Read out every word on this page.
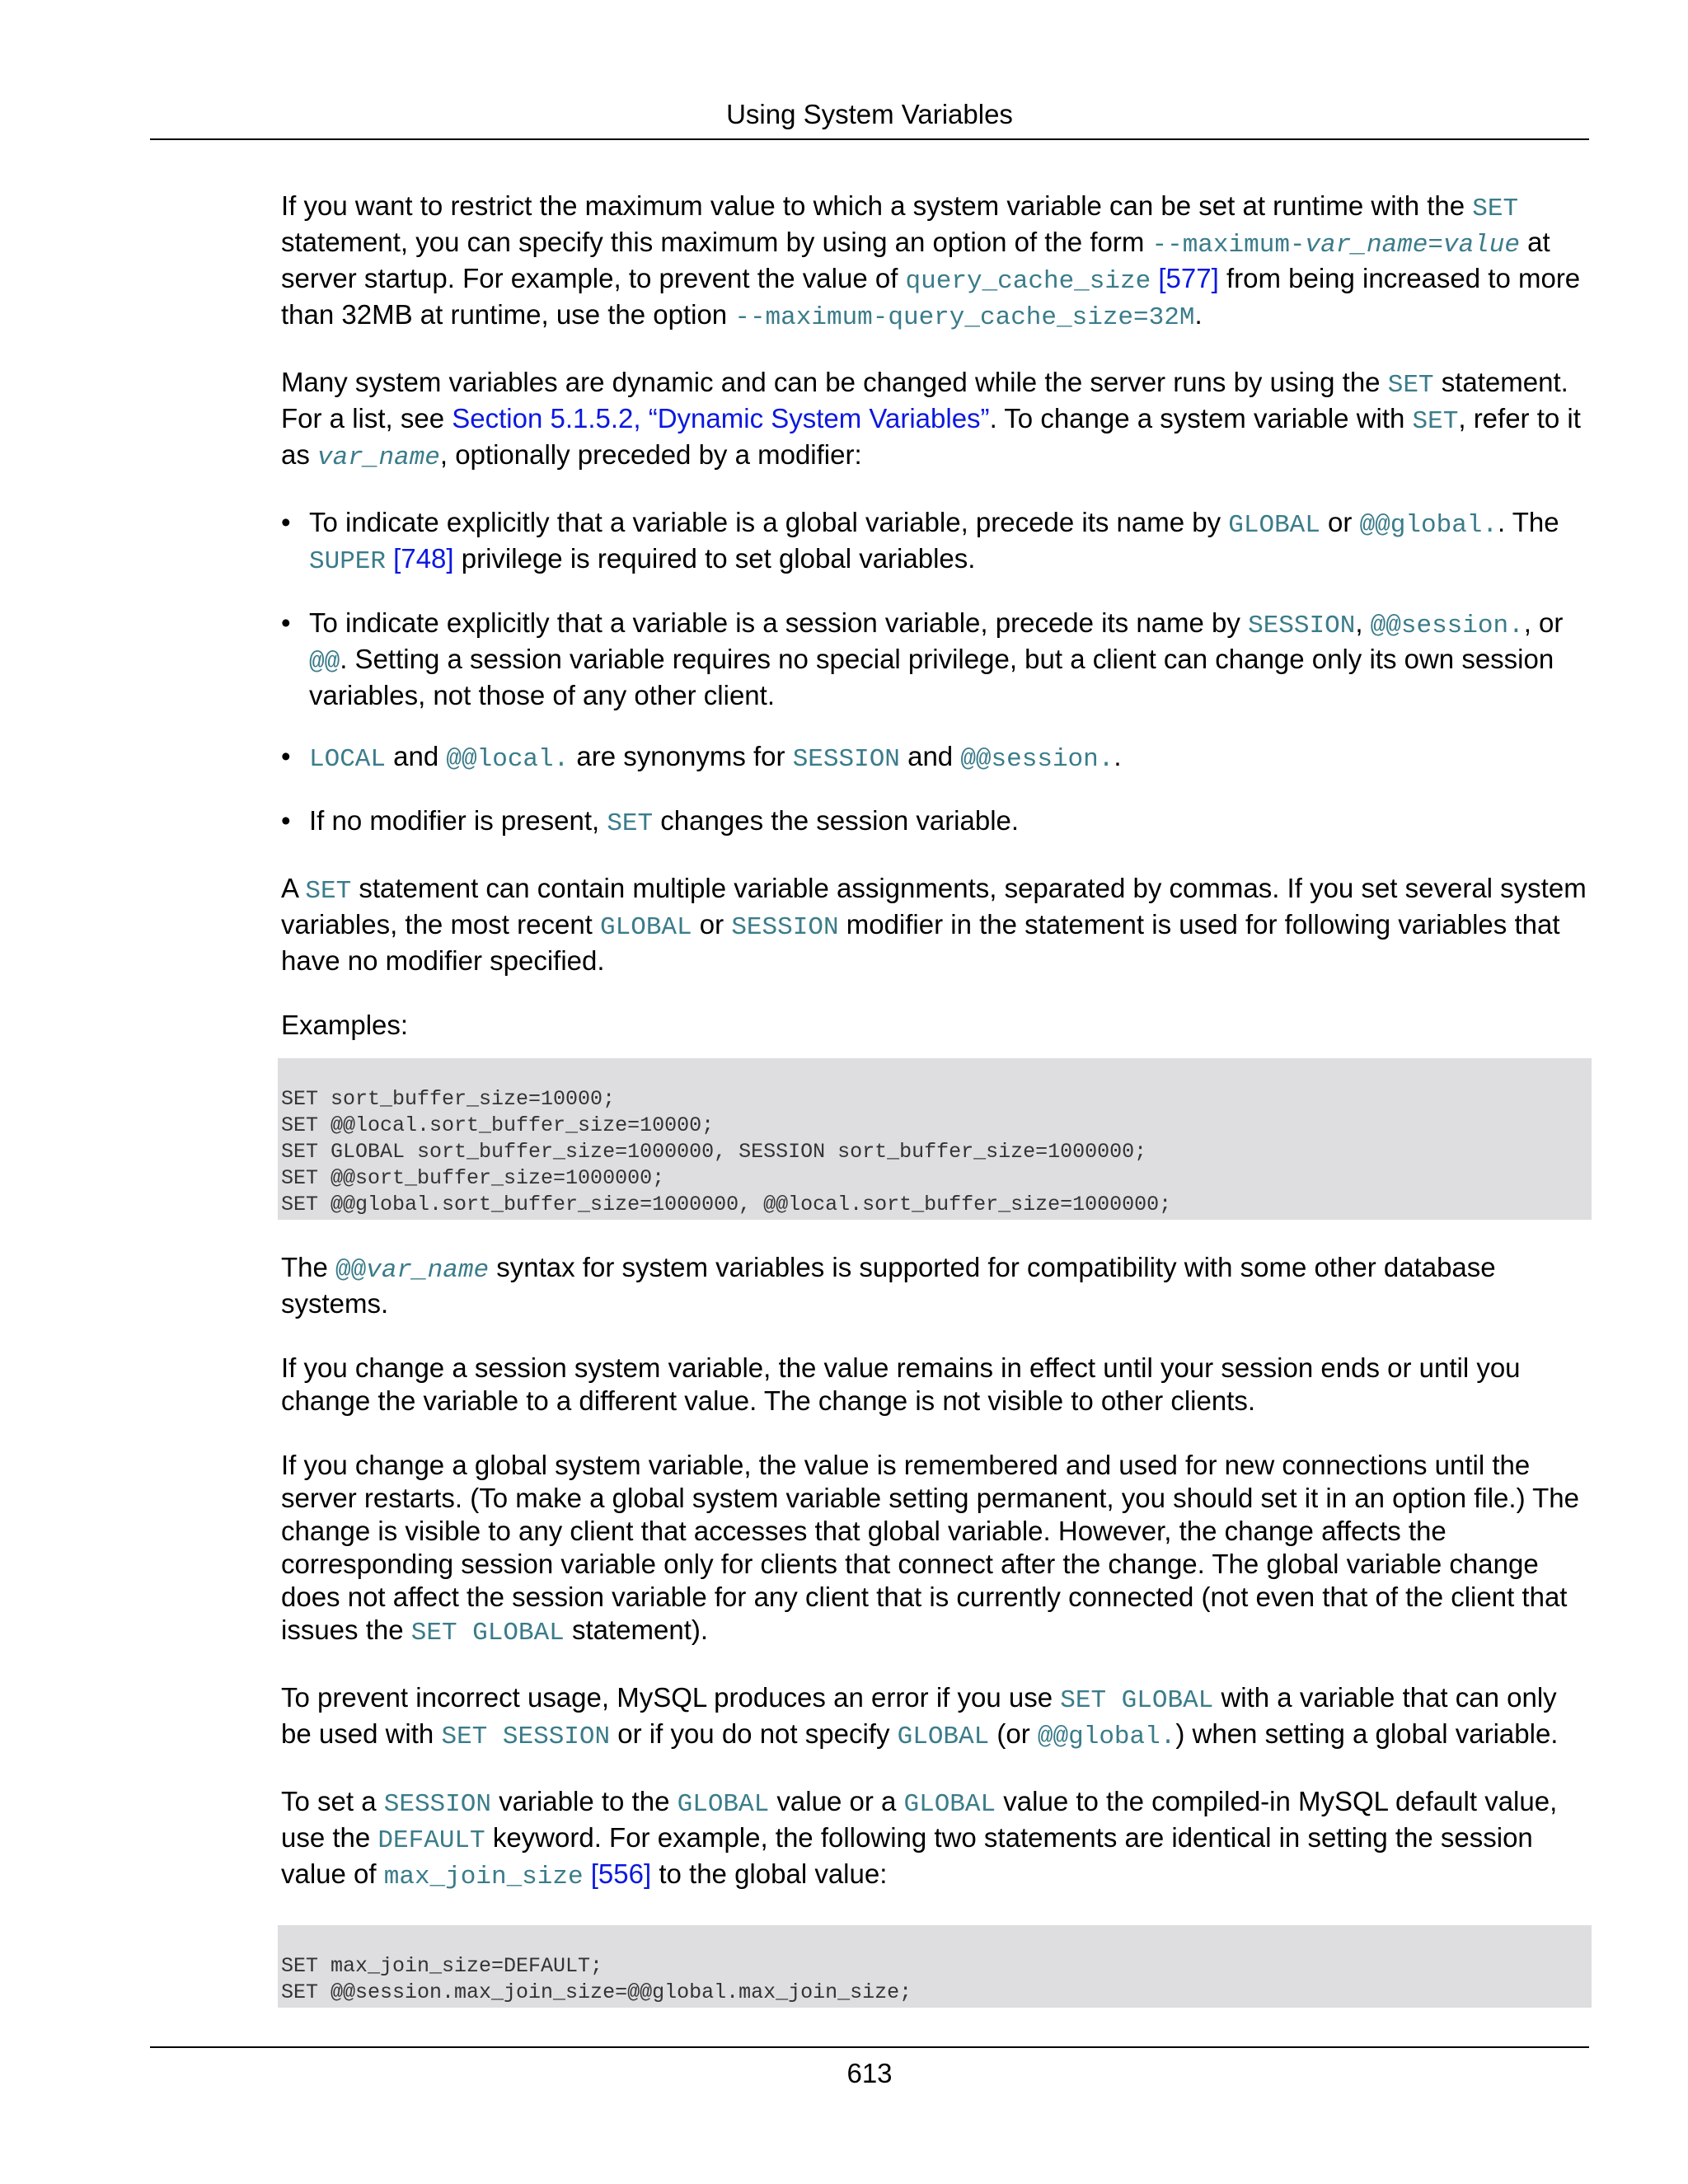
Using System Variables

If you want to restrict the maximum value to which a system variable can be set at runtime with the SET statement, you can specify this maximum by using an option of the form --maximum-var_name=value at server startup. For example, to prevent the value of query_cache_size [577] from being increased to more than 32MB at runtime, use the option --maximum-query_cache_size=32M.

Many system variables are dynamic and can be changed while the server runs by using the SET statement. For a list, see Section 5.1.5.2, “Dynamic System Variables”. To change a system variable with SET, refer to it as var_name, optionally preceded by a modifier:

• To indicate explicitly that a variable is a global variable, precede its name by GLOBAL or @@global.. The SUPER [748] privilege is required to set global variables.
• To indicate explicitly that a variable is a session variable, precede its name by SESSION, @@session., or @@. Setting a session variable requires no special privilege, but a client can change only its own session variables, not those of any other client.
• LOCAL and @@local. are synonyms for SESSION and @@session..
• If no modifier is present, SET changes the session variable.

A SET statement can contain multiple variable assignments, separated by commas. If you set several system variables, the most recent GLOBAL or SESSION modifier in the statement is used for following variables that have no modifier specified.

Examples:

SET sort_buffer_size=10000;
SET @@local.sort_buffer_size=10000;
SET GLOBAL sort_buffer_size=1000000, SESSION sort_buffer_size=1000000;
SET @@sort_buffer_size=1000000;
SET @@global.sort_buffer_size=1000000, @@local.sort_buffer_size=1000000;

The @@var_name syntax for system variables is supported for compatibility with some other database systems.

If you change a session system variable, the value remains in effect until your session ends or until you change the variable to a different value. The change is not visible to other clients.

If you change a global system variable, the value is remembered and used for new connections until the server restarts. (To make a global system variable setting permanent, you should set it in an option file.) The change is visible to any client that accesses that global variable. However, the change affects the corresponding session variable only for clients that connect after the change. The global variable change does not affect the session variable for any client that is currently connected (not even that of the client that issues the SET GLOBAL statement).

To prevent incorrect usage, MySQL produces an error if you use SET GLOBAL with a variable that can only be used with SET SESSION or if you do not specify GLOBAL (or @@global.) when setting a global variable.

To set a SESSION variable to the GLOBAL value or a GLOBAL value to the compiled-in MySQL default value, use the DEFAULT keyword. For example, the following two statements are identical in setting the session value of max_join_size [556] to the global value:

SET max_join_size=DEFAULT;
SET @@session.max_join_size=@@global.max_join_size;
613
